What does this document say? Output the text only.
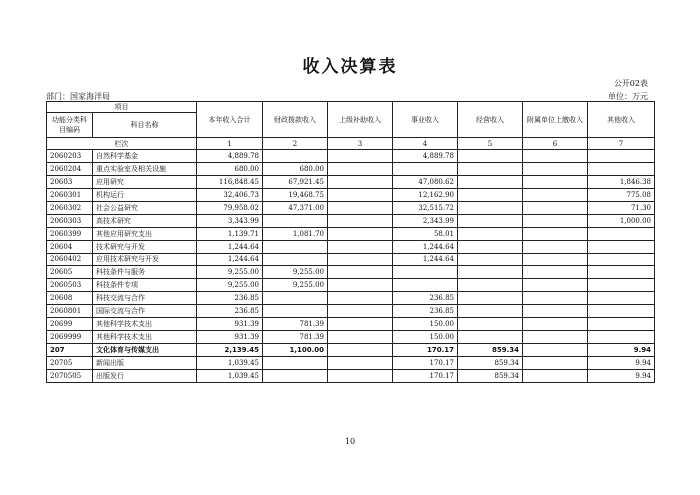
收入决算表
公开02表
部门：国家海洋局	单位：万元
项目		本年收入合计	财政拨款收入	上级补助收入	事业收入	经营收入	附属单位上缴收入	其他收入
功能分类科目编码	科目名称							
栏次		1	2	3	4	5	6	7
2060203	自然科学基金	4,889.78			4,889.78			
2060204	重点实验室及相关设施	680.00	680.00					
20603	应用研究	116,848.45	67,921.45		47,080.62			1,846.38
2060301	机构运行	32,406.73	19,468.75		12,162.90			775.08
2060302	社会公益研究	79,958.02	47,371.00		32,515.72			71.30
2060303	高技术研究	3,343.99			2,343.99			1,000.00
2060399	其他应用研究支出	1,139.71	1,081.70		58.01			
20604	技术研究与开发	1,244.64			1,244.64			
2060402	应用技术研究与开发	1,244.64			1,244.64			
20605	科技条件与服务	9,255.00	9,255.00					
2060503	科技条件专项	9,255.00	9,255.00					
20608	科技交流与合作	236.85			236.85			
2060801	国际交流与合作	236.85			236.85			
20699	其他科学技术支出	931.39	781.39		150.00			
2069999	其他科学技术支出	931.39	781.39		150.00			
207	文化体育与传媒支出	2,139.45	1,100.00		170.17	859.34		9.94
20705	新闻出版	1,039.45			170.17	859.34		9.94
2070505	出版发行	1,039.45			170.17	859.34		9.94
10
